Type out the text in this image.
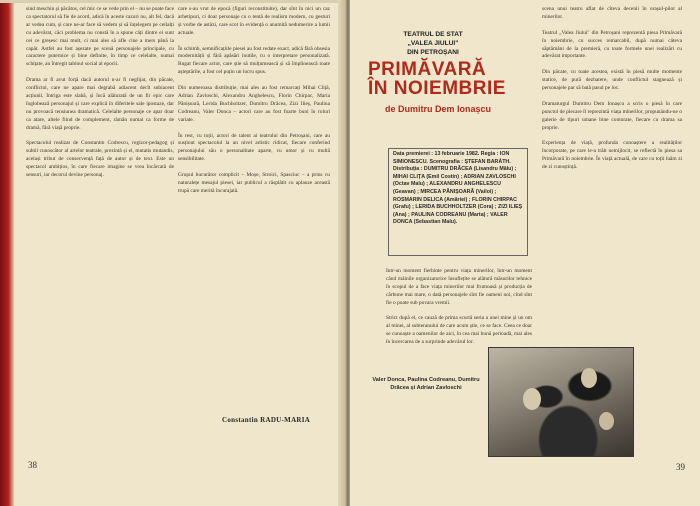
sind meschin și păcătos, cel mic ce se vede prin el – nu se poate face ca spectatorul să fie de acord, adică în aceste cazuri nu, alt fel, dacă ar vedea cum, și care ne-ar face să vedem și să înțelegem pe ceilalți cu adevărat, căci problema nu constă în a spune câți dintre ei sunt cei ce greșesc mai mult, ci mai ales să afle cine a mers până la capăt. Astfel au fost așezate pe scenă personajele principale, cu caractere puternice și bine definite, în timp ce celelalte, numai schițate, au întregit tabloul social al epocii.

Drama ar fi avut forță dacă autorul n-ar fi neglijat, din păcate, conflictul, care ne apare mai degrabă adiacent decît subiacent acțiunii. Intriga este slabă, și încă alăturată de un fir epic care înglobează personajul și care explică în diferitele sale ipostaze, dar nu provoacă tensiunea dramatică. Celelalte personaje ce apar doar ca atare, altele fiind de complement, rămân numai ca forme de dramă, fără viață proprie.

Spectacolul realizat de Constantin Codrescu, regizor-pedagog și subtil cunoscător al artelor teatrale, prezintă și el, mutatis mutandis, același tribut de consecvență față de autor și de text. Este un spectacol ambițios, în care fiecare imagine se vrea încărcată de sensuri, iar decorul devine personaj.
care s-au vrut de epocă (figuri reconstituite), dar sînt în nici un caz arhetipuri, ci doar personaje cu o tentă de realism modern, cu gesturi și vorbe de astăzi, care scot în evidență o anumită nedumerire a lumii actuale.

În schimb, semnificațiile piesei au fost redate exact, adică fără obsesia modernității și fără apăsări inutile, cu o interpretare personalizată. Rugat fiecare actor, care știe să mulțumească și să împlinească toate așteptările, a fost cel puțin un lucru spus.

Din numeroasa distribuție, mai ales au fost remarcați Mihai Cliță, Adrian Zavloschi, Alexandru Anghelescu, Florin Chirpac, Maria Pănișoară, Lerida Buchholtzer, Dumitru Drăcea, Zizi Ilieș, Paulina Codreanu, Valer Donca – actori care au fost foarte buni în roluri variate.

În rest, cu toții, actori de talent ai teatrului din Petroșani, care au susținut spectacolul la un nivel artistic ridicat, fiecare conferind personajului său o personalitate aparte, cu umor și cu multă sensibilitate.

Grupul bucurător complicit – Moșe, Stroici, Spasciuc – a prins cu naturalețe mesajul piesei, iar publicul a răsplătit cu aplauze această trupă care merită încurajată.
Constantin RADU-MARIA
38
TEATRUL DE STAT
„VALEA JIULUI"
DIN PETROȘANI
PRIMĂVARĂ
ÎN NOIEMBRIE
de Dumitru Dem Ionașcu
Data premierei : 13 februarie 1982. Regia : ION SIMIONESCU. Scenografia : ȘTEFAN BARÁTH.
Distribuția : DUMITRU DRĂCEA (Lisandru Mâlu) ; MIHAI CLIȚA (Emil Costin) ; ADRIAN ZAVLOSCHI (Octav Malu) ; ALEXANDRU ANGHELESCU (Geavan) ; MIRCEA PĂNIȘOARĂ (Vailoi) ; ROSMARIN DELICA (Amăriei) ; FLORIN CHIRPAC (Grafu) ; LERIDA BUCHHOLTZER (Cora) ; ZIZI ILIEȘ (Ana) ; PAULINA CODREANU (Marta) ; VALER DONCA (Sebastian Malu).
Intr-un moment fierbinte pentru viața minerilor, într-un moment când mâinile organizatorice însuflețite se alătură măsurilor tehnice în scopul de a face viața minerilor mai frumoasă și producția de cărbune mai mare, o dată personajele sînt fie oameni noi, cînd sînt fie o poate sub povara vremii.

Strict după el, ce cauză de prima scurtă seria a unei mine și un om al minei, al subteranului de care acum știe, ce se face. Ceea ce doar se cunoaște a oamenilor de aici, în cea mai bună perioadă, mai ales în încercarea de a surprinde adevărul lor.
scena unui teatru aflat de cîteva decenii în orașul-pilot al minerilor.

Teatrul „Valea Jiului" din Petroșani reprezentă piesa Primăvară în noiembrie, cu succes remarcabil, după numai câteva săptămâni de la premieră, cu toate formele unei realizări cu adevărat importante.

Din păcate, cu toate acestea, există în piesă multe momente statice, de pură dezbatere, unde conflictul stagnează și personajele par să bată pasul pe loc.

Dramaturgul Dumitru Dem Ionașcu a scris o piesă în care punctul de plecare îl reprezintă viața minerilor, propunându-ne o galerie de tipuri umane bine conturate, fiecare cu drama sa proprie.

Experiența de viață, profunda cunoaștere a realităților încorporate, pe care le-a trăit nemijlocit, se reflectă în piesa sa Primăvară în noiembrie. În viață actuală, de care cu toții luăm zi de zi cunoștință.
Valer Donca, Paulina Codreanu, Dumitru Drăcea și Adrian Zavloschi
39
